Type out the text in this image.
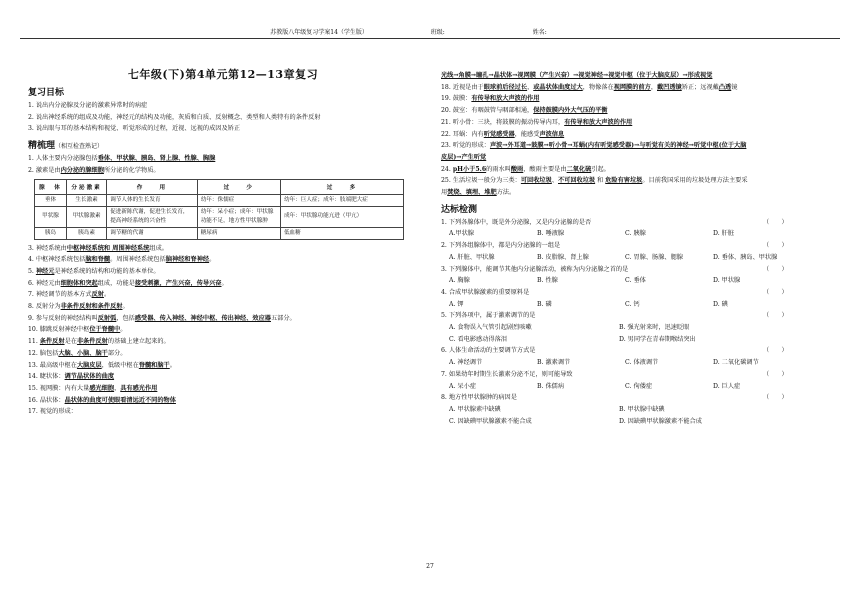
苏教版八年级复习学案14（学生版）	班级:	姓名:
七年级(下)第4单元第12—13章复习
复习目标
1. 说出内分泌腺及分泌的激素异常时的病症
2. 说出神经系统的组成及功能，神经元的结构及功能，灰质和白质、反射概念、类型和人类特有的条件反射
3. 说出眼与耳的基本结构和视觉、听觉形成的过程，近视、远视的成因及矫正
精梳理（相互检查熟记）
1. 人体主要内分泌腺包括垂体、甲状腺、胰岛、肾上腺、性腺、胸腺
2. 激素是由内分泌的腺细胞所分泌的化学物质。
腺　体	分泌激素	作　　用	过　　少	过　　多
垂体	生长激素	调节人体的生长发育	幼年：侏儒症	幼年：巨人症；成年：肢端肥大症
甲状腺	甲状腺激素	促进新陈代谢，促进生长发育，提高神经系统的兴奋性	幼年：呆小症；成年：甲状腺功能不足，地方性甲状腺肿	成年：甲状腺功能亢进（甲亢）
胰岛	胰岛素	调节糖的代谢	糖尿病	低血糖
3. 神经系统由中枢神经系统和 周围神经系统组成。
4. 中枢神经系统包括脑和脊髓。周围神经系统包括脑神经和脊神经。
5. 神经元是神经系统的结构和功能的基本单位。
6. 神经元由细胞体和突起组成，功能是接受刺激，产生兴奋，传导兴奋。
7. 神经调节的基本方式反射。
8. 反射分为非条件反射和条件反射。
9. 参与反射的神经结构叫反射弧，包括感受器、传入神经、神经中枢、传出神经、效应器五部分。
10. 膝跳反射神经中枢位于脊髓中。
11. 条件反射是在非条件反射的基础上建立起来的。
12. 脑包括大脑、小脑、脑干部分。
13. 最高级中枢在大脑皮层，低级中枢在脊髓和脑干。
14. 睫状体：调节晶状体的曲度
15. 视网膜：内有大量感光细胞，具有感光作用
16. 晶状体：晶状体的曲度可使眼看清远近不同的物体
17. 视觉的形成：
光线→角膜→瞳孔→晶状体→视网膜（产生兴奋）→视觉神经→视觉中枢（位于大脑皮层）→形成视觉
18. 近视是由于眼球前后径过长，或晶状体曲度过大，物像落在视网膜的前方，戴凹透镜矫正；远视戴凸透镜
19. 鼓膜：有传导和放大声波的作用
20. 鼓室：有咽鼓管与咽部相通，保持鼓膜内外大气压的平衡
21. 听小骨：三块，将鼓膜的振动传导内耳，有传导和放大声波的作用
22. 耳蜗：内有听觉感受器，能感受声波信息
23. 听觉的形成：声波→外耳道→鼓膜→听小骨→耳蜗(内有听觉感受器)→与听觉有关的神经→听觉中枢(位于大脑
皮层)→产生听觉
24. pH小于5.6的雨水叫酸雨，酸雨主要是由二氧化硫引起。
25. 生活垃圾一般分为三类：可回收垃圾、不可回收垃圾 和 危险有害垃圾。目前我国采用的垃圾处理方法主要采
用焚烧、填埋、堆肥方法。
达标检测
1. 下列各腺体中，既是外分泌腺，又是内分泌腺的是否	（　　）
A.甲状腺	B. 唾液腺	C. 胰腺	D. 肝脏
2. 下列各组腺体中，都是内分泌腺的一组是	（　　）
A. 肝脏、甲状腺	B. 皮脂腺、肾上腺	C. 胃腺、肠腺、腮腺	D. 垂体、胰岛、甲状腺
3. 下列腺体中，能调节其他内分泌腺活动，被称为内分泌腺之首的是	（　　）
A. 胸腺	B. 性腺	C. 垂体	D. 甲状腺
4. 合成甲状腺激素的重要原料是	（　　）
A. 钾	B. 磷	C. 钙	D. 碘
5. 下列各项中，属于激素调节的是	（　　）
A. 食物误入气管引起剧烈咳嗽	B. 强光射来时，迅速眨眼
C. 看电影感动得落泪	D. 男同学在青春期喉结突出
6. 人体生命活动的主要调节方式是	（　　）
A. 神经调节	B. 激素调节	C. 体液调节	D. 二氧化碳调节
7. 如果幼年时期生长激素分泌不足，则可能导致	（　　）
A. 呆小症	B. 侏儒病	C. 佝偻症	D. 巨人症
8. 地方性甲状腺肿的病因是	（　　）
A. 甲状腺素中缺碘	B. 甲状腺中缺碘
C. 因缺碘甲状腺激素不能合成	D. 因缺碘甲状腺激素不能合成
27
